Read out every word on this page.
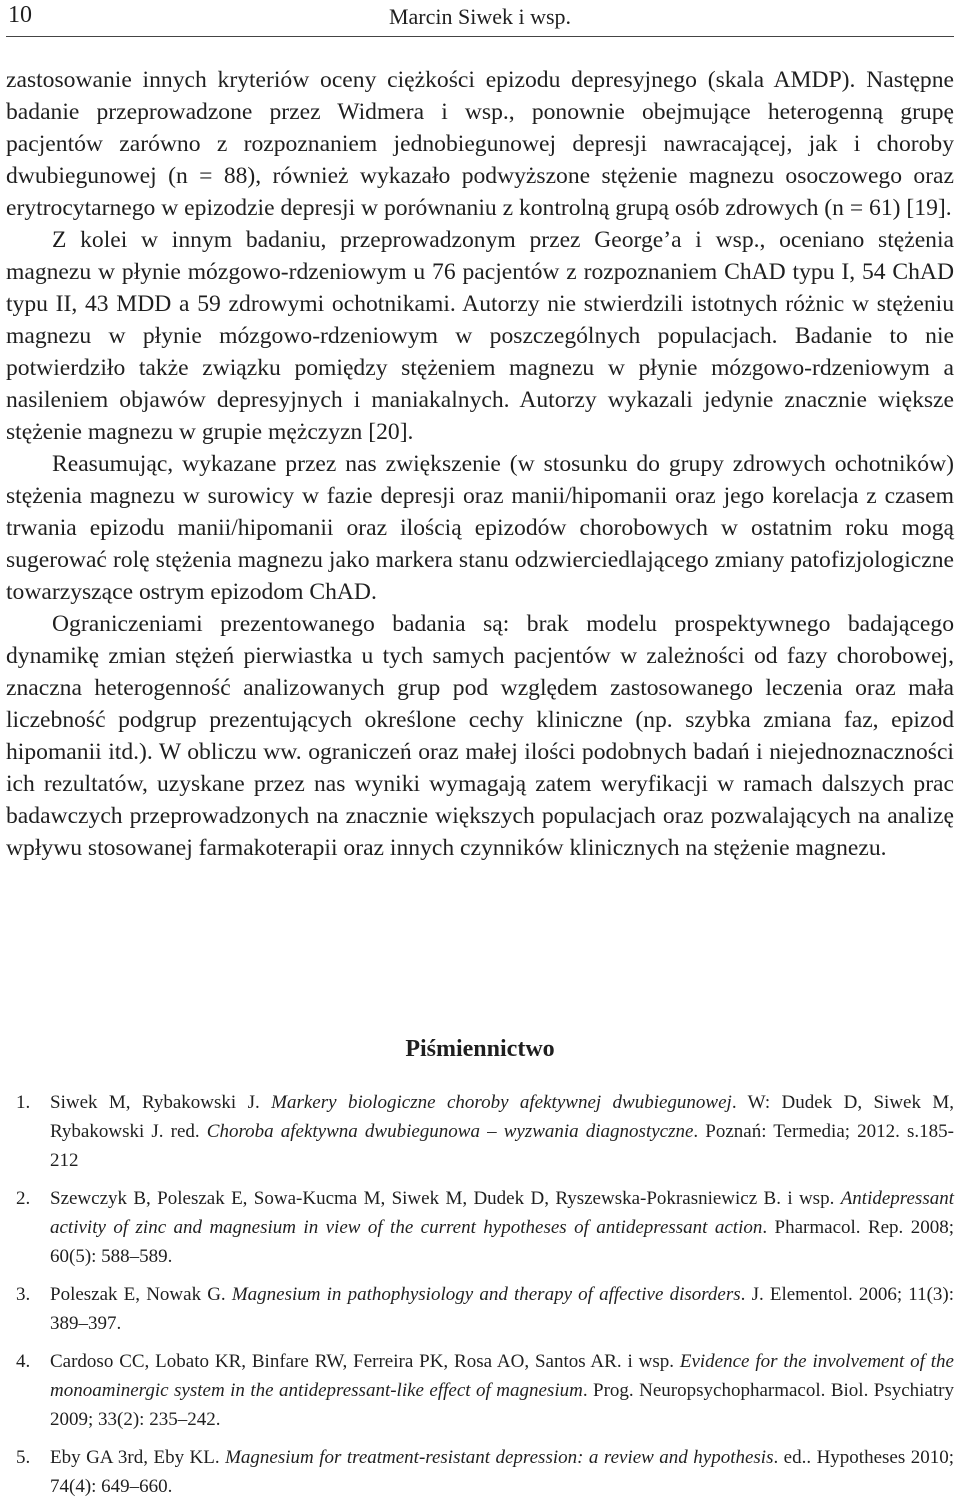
10	Marcin Siwek i wsp.

zastosowanie innych kryteriów oceny ciężkości epizodu depresyjnego (skala AMDP). Następne badanie przeprowadzone przez Widmera i wsp., ponownie obejmujące heterogenną grupę pacjentów zarówno z rozpoznaniem jednobiegunowej depresji nawracającej, jak i choroby dwubiegunowej (n = 88), również wykazało podwyższone stężenie magnezu osoczowego oraz erytrocytarnego w epizodzie depresji w porównaniu z kontrolną grupą osób zdrowych (n = 61) [19].

Z kolei w innym badaniu, przeprowadzonym przez George’a i wsp., oceniano stężenia magnezu w płynie mózgowo-rdzeniowym u 76 pacjentów z rozpoznaniem ChAD typu I, 54 ChAD typu II, 43 MDD a 59 zdrowymi ochotnikami. Autorzy nie stwierdzili istotnych różnic w stężeniu magnezu w płynie mózgowo-rdzeniowym w poszczególnych populacjach. Badanie to nie potwierdziło także związku pomiędzy stężeniem magnezu w płynie mózgowo-rdzeniowym a nasileniem objawów depresyjnych i maniakalnych. Autorzy wykazali jedynie znacznie większe stężenie magnezu w grupie mężczyzn [20].

Reasumując, wykazane przez nas zwiększenie (w stosunku do grupy zdrowych ochotników) stężenia magnezu w surowicy w fazie depresji oraz manii/hipomanii oraz jego korelacja z czasem trwania epizodu manii/hipomanii oraz ilością epizodów chorobowych w ostatnim roku mogą sugerować rolę stężenia magnezu jako markera stanu odzwierciedlającego zmiany patofizjologiczne towarzyszące ostrym epizodom ChAD.

Ograniczeniami prezentowanego badania są: brak modelu prospektywnego badającego dynamikę zmian stężeń pierwiastka u tych samych pacjentów w zależności od fazy chorobowej, znaczna heterogenność analizowanych grup pod względem zastosowanego leczenia oraz mała liczebność podgrup prezentujących określone cechy kliniczne (np. szybka zmiana faz, epizod hipomanii itd.). W obliczu ww. ograniczeń oraz małej ilości podobnych badań i niejednoznaczności ich rezultatów, uzyskane przez nas wyniki wymagają zatem weryfikacji w ramach dalszych prac badawczych przeprowadzonych na znacznie większych populacjach oraz pozwalających na analizę wpływu stosowanej farmakoterapii oraz innych czynników klinicznych na stężenie magnezu.

Piśmiennictwo
1. Siwek M, Rybakowski J. Markery biologiczne choroby afektywnej dwubiegunowej. W: Dudek D, Siwek M, Rybakowski J. red. Choroba afektywna dwubiegunowa – wyzwania diagnostyczne. Poznań: Termedia; 2012. s.185-212
2. Szewczyk B, Poleszak E, Sowa-Kucma M, Siwek M, Dudek D, Ryszewska-Pokrasniewicz B. i wsp. Antidepressant activity of zinc and magnesium in view of the current hypotheses of antidepressant action. Pharmacol. Rep. 2008; 60(5): 588–589.
3. Poleszak E, Nowak G. Magnesium in pathophysiology and therapy of affective disorders. J. Elementol. 2006; 11(3): 389–397.
4. Cardoso CC, Lobato KR, Binfare RW, Ferreira PK, Rosa AO, Santos AR. i wsp. Evidence for the involvement of the monoaminergic system in the antidepressant-like effect of magnesium. Prog. Neuropsychopharmacol. Biol. Psychiatry 2009; 33(2): 235–242.
5. Eby GA 3rd, Eby KL. Magnesium for treatment-resistant depression: a review and hypothesis. ed.. Hypotheses 2010; 74(4): 649–660.
